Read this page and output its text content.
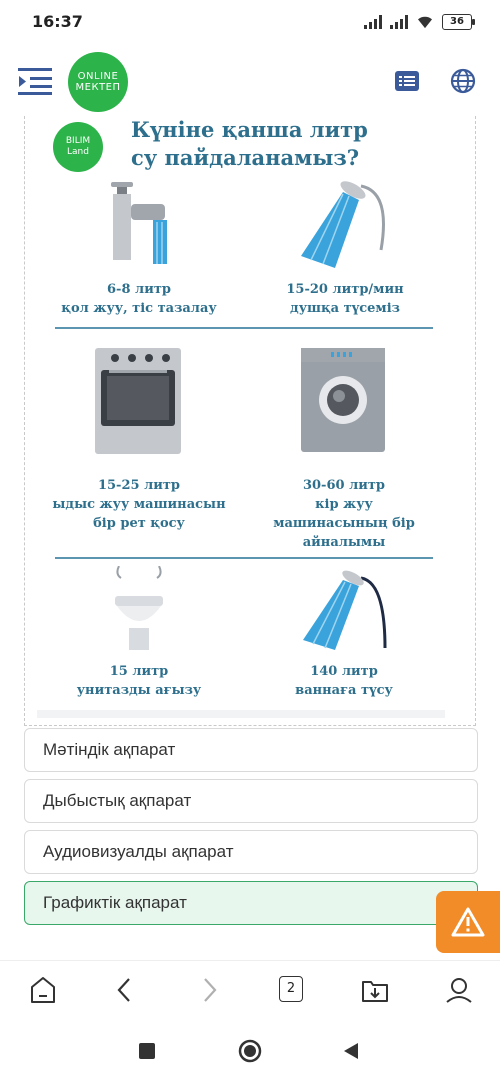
16:37	36
ONLINE
МЕКТЕП
BILIM
Land
Күніне қанша литр
су пайдаланамыз?
6-8 литр
қол жуу, тіс тазалау
15-20 литр/мин
душқа түсеміз
15-25 литр
ыдыс жуу машинасын бір рет қосу
30-60 литр
кір жуу машинасының бір айналымы
15 литр
унитазды ағызу
140 литр
ваннаға түсу
Мәтіндік ақпарат
Дыбыстық ақпарат
Аудиовизуалды ақпарат
Графиктік ақпарат
2
